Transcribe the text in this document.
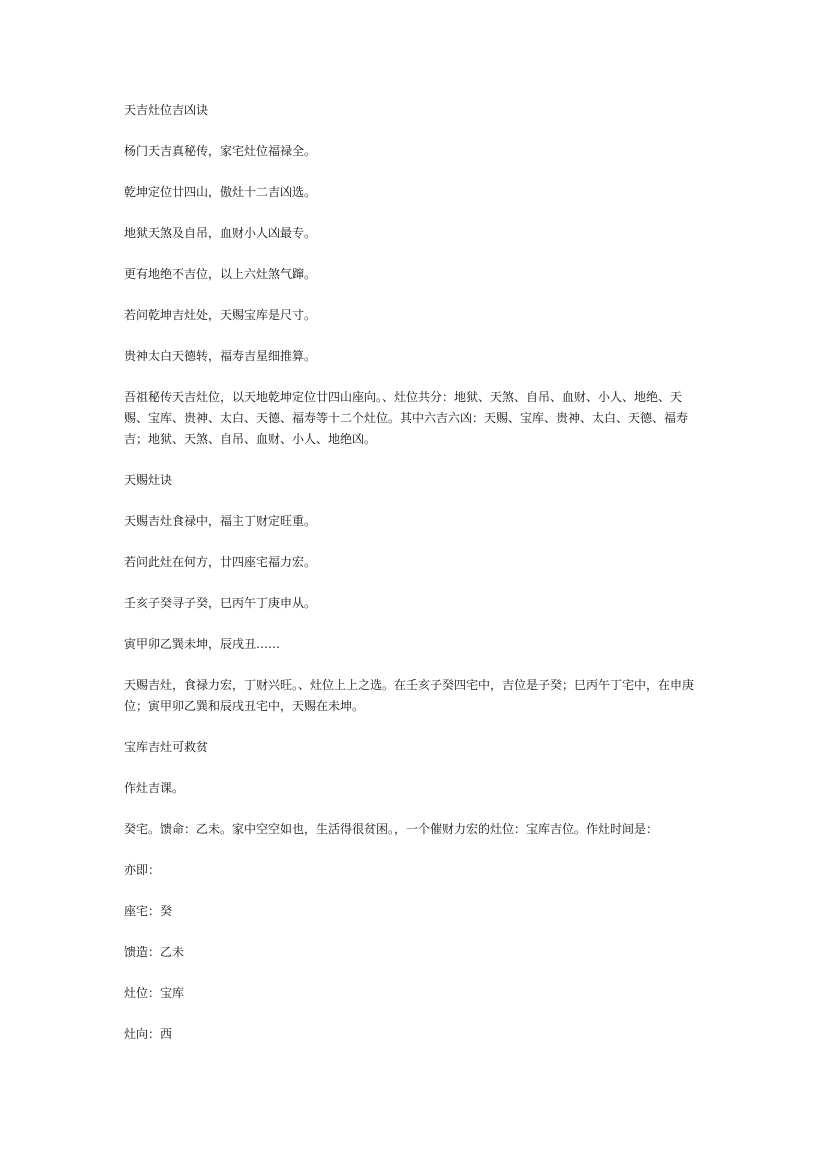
天吉灶位吉凶诀

杨门天吉真秘传，家宅灶位福禄全。

乾坤定位廿四山，傲灶十二吉凶选。

地狱天煞及自吊，血财小人凶最专。

更有地绝不吉位，以上六灶煞气蹿。

若问乾坤吉灶处，天赐宝库是尺寸。

贵神太白天德转，福寿吉星细推算。

吾祖秘传天吉灶位，以天地乾坤定位廿四山座向。、灶位共分：地狱、天煞、自吊、血财、小人、地绝、天赐、宝库、贵神、太白、天德、福寿等十二个灶位。其中六吉六凶：天赐、宝库、贵神、太白、天德、福寿吉；地狱、天煞、自吊、血财、小人、地绝凶。

天赐灶诀

天赐吉灶食禄中，福主丁财定旺重。

若问此灶在何方，廿四座宅福力宏。

壬亥子癸寻子癸，巳丙午丁庚申从。

寅甲卯乙巽未坤，辰戌丑……

天赐吉灶，食禄力宏，丁财兴旺。、灶位上上之选。在壬亥子癸四宅中，吉位是子癸；巳丙午丁宅中，在申庚位；寅甲卯乙巽和辰戌丑宅中，天赐在未坤。

宝库吉灶可救贫

作灶吉课。

癸宅。馈命：乙未。家中空空如也，生活得很贫困。，一个催财力宏的灶位：宝库吉位。作灶时间是：

亦即：

座宅：癸

馈造：乙未

灶位：宝库

灶向：西
